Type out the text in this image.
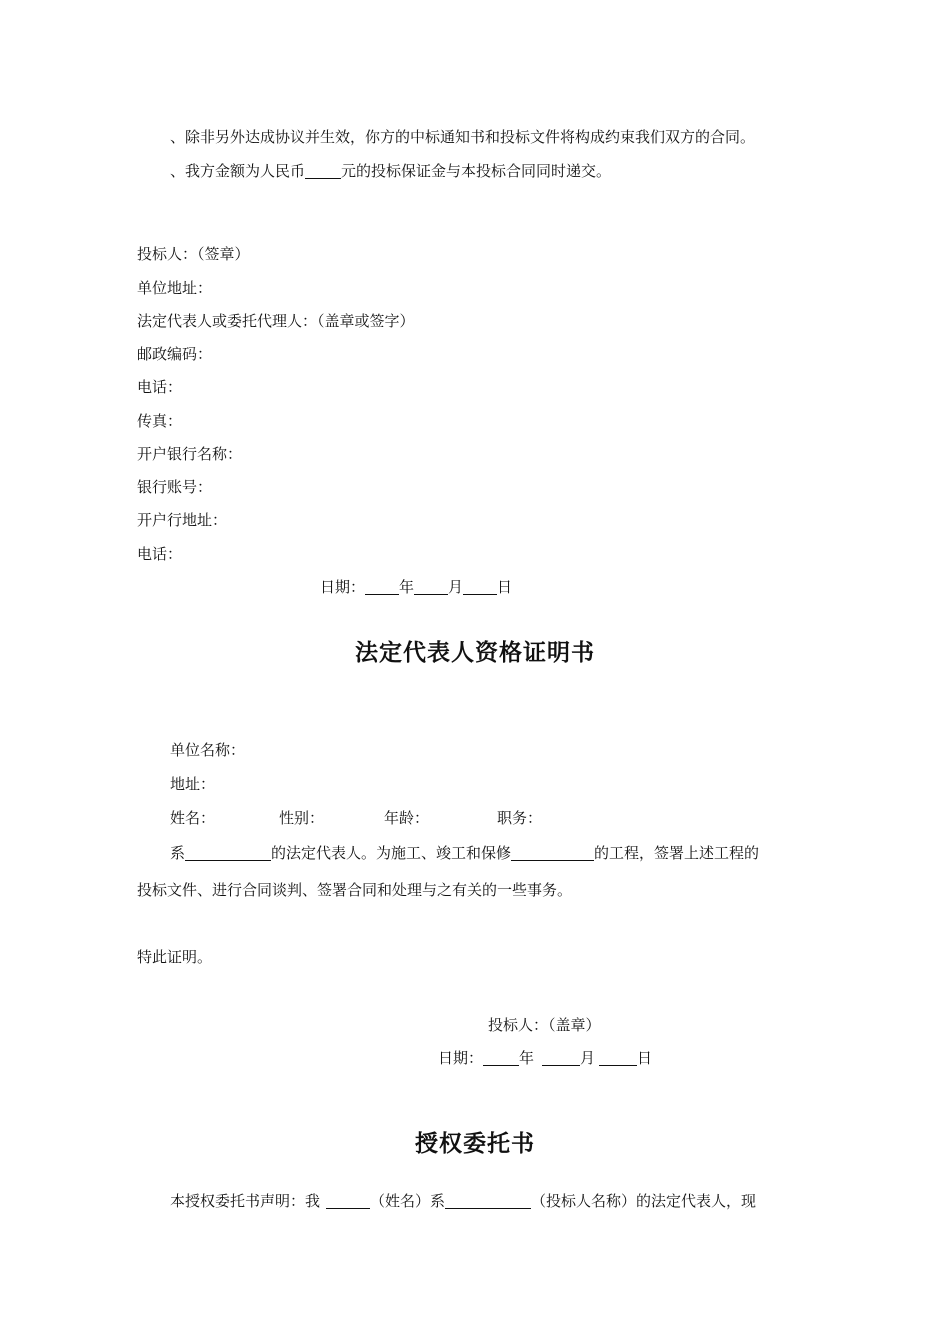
、除非另外达成协议并生效，你方的中标通知书和投标文件将构成约束我们双方的合同。
、我方金额为人民币 元的投标保证金与本投标合同同时递交。
投标人：（签章）
单位地址：
法定代表人或委托代理人：（盖章或签字）
邮政编码：
电话：
传真：
开户银行名称：
银行账号：
开户行地址：
电话：
日期： 年 月 日
法定代表人资格证明书
单位名称：
地址：
姓名：	性别：	年龄：	职务：
系	的法定代表人。为施工、竣工和保修	的工程，签署上述工程的
投标文件、进行合同谈判、签署合同和处理与之有关的一些事务。
特此证明。
投标人：（盖章）
日期： 年	月	日
授权委托书
本授权委托书声明：我	（姓名）系	（投标人名称）的法定代表人，现
